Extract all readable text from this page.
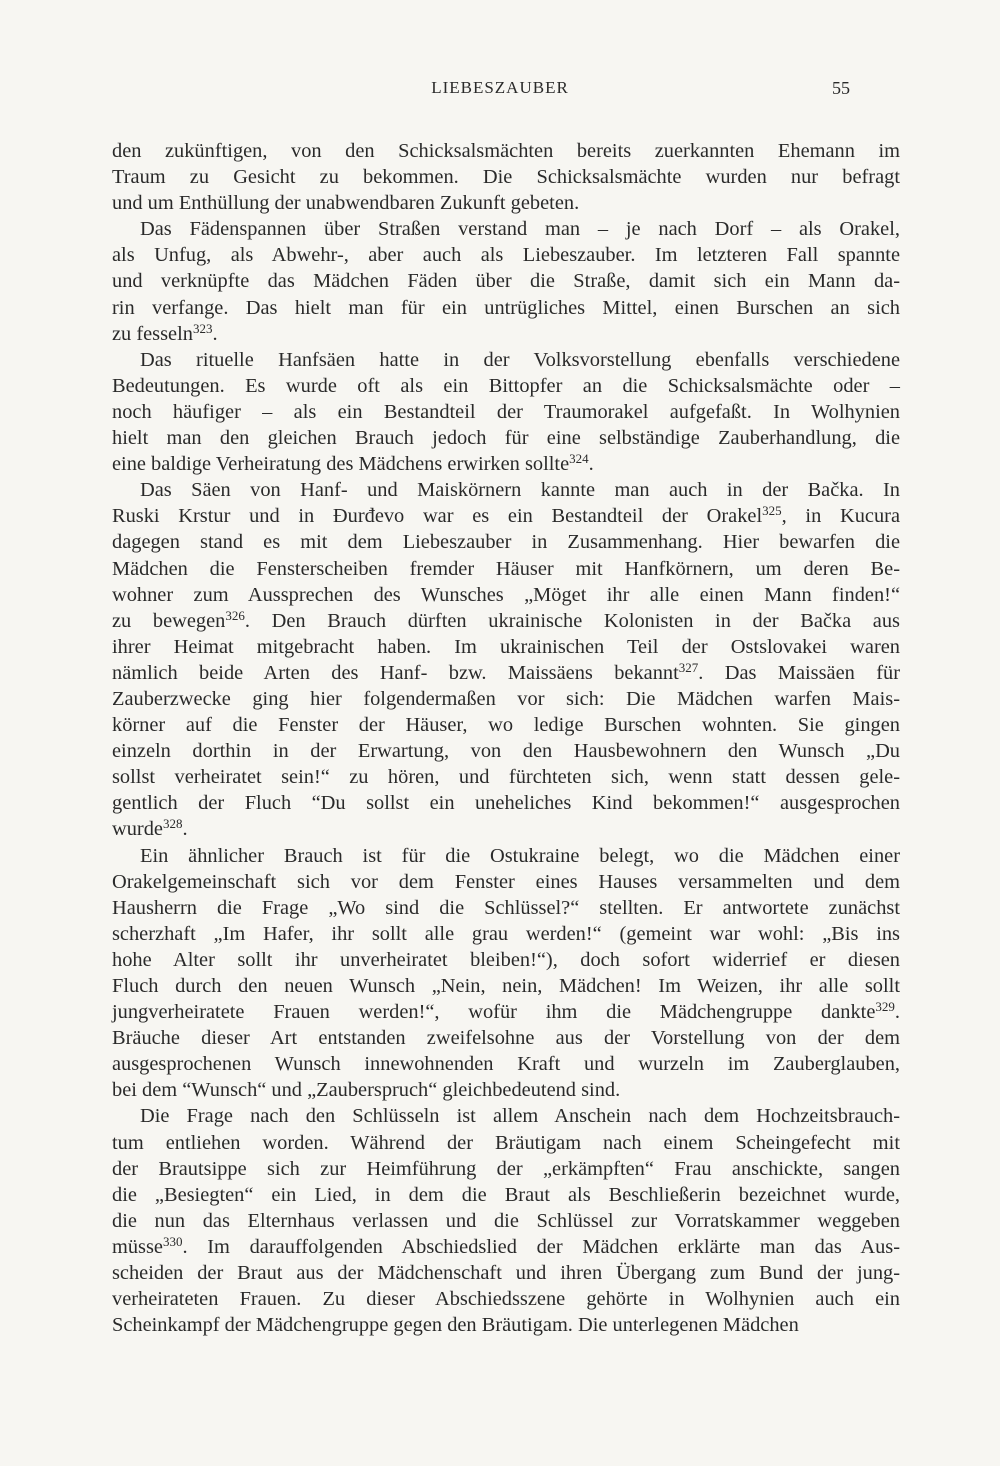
LIEBESZAUBER	55
den zukünftigen, von den Schicksalsmächten bereits zuerkannten Ehemann im
Traum zu Gesicht zu bekommen. Die Schicksalsmächte wurden nur befragt
und um Enthüllung der unabwendbaren Zukunft gebeten.
Das Fädenspannen über Straßen verstand man – je nach Dorf – als Orakel,
als Unfug, als Abwehr-, aber auch als Liebeszauber. Im letzteren Fall spannte
und verknüpfte das Mädchen Fäden über die Straße, damit sich ein Mann da-
rin verfange. Das hielt man für ein untrügliches Mittel, einen Burschen an sich
zu fesseln$^{323}$.
Das rituelle Hanfsäen hatte in der Volksvorstellung ebenfalls verschiedene
Bedeutungen. Es wurde oft als ein Bittopfer an die Schicksalsmächte oder –
noch häufiger – als ein Bestandteil der Traumorakel aufgefaßt. In Wolhynien
hielt man den gleichen Brauch jedoch für eine selbständige Zauberhandlung, die
eine baldige Verheiratung des Mädchens erwirken sollte$^{324}$.
Das Säen von Hanf- und Maiskörnern kannte man auch in der Bačka. In
Ruski Krstur und in Đurđevo war es ein Bestandteil der Orakel$^{325}$, in Kucura
dagegen stand es mit dem Liebeszauber in Zusammenhang. Hier bewarfen die
Mädchen die Fensterscheiben fremder Häuser mit Hanfkörnern, um deren Be-
wohner zum Aussprechen des Wunsches „Möget ihr alle einen Mann finden!“
zu bewegen$^{326}$. Den Brauch dürften ukrainische Kolonisten in der Bačka aus
ihrer Heimat mitgebracht haben. Im ukrainischen Teil der Ostslovakei waren
nämlich beide Arten des Hanf- bzw. Maissäens bekannt$^{327}$. Das Maissäen für
Zauberzwecke ging hier folgendermaßen vor sich: Die Mädchen warfen Mais-
körner auf die Fenster der Häuser, wo ledige Burschen wohnten. Sie gingen
einzeln dorthin in der Erwartung, von den Hausbewohnern den Wunsch „Du
sollst verheiratet sein!“ zu hören, und fürchteten sich, wenn statt dessen gele-
gentlich der Fluch “Du sollst ein uneheliches Kind bekommen!“ ausgesprochen
wurde$^{328}$.
Ein ähnlicher Brauch ist für die Ostukraine belegt, wo die Mädchen einer
Orakelgemeinschaft sich vor dem Fenster eines Hauses versammelten und dem
Hausherrn die Frage „Wo sind die Schlüssel?“ stellten. Er antwortete zunächst
scherzhaft „Im Hafer, ihr sollt alle grau werden!“ (gemeint war wohl: „Bis ins
hohe Alter sollt ihr unverheiratet bleiben!“), doch sofort widerrief er diesen
Fluch durch den neuen Wunsch „Nein, nein, Mädchen! Im Weizen, ihr alle sollt
jungverheiratete Frauen werden!“, wofür ihm die Mädchengruppe dankte$^{329}$.
Bräuche dieser Art entstanden zweifelsohne aus der Vorstellung von der dem
ausgesprochenen Wunsch innewohnenden Kraft und wurzeln im Zauberglauben,
bei dem “Wunsch“ und „Zauberspruch“ gleichbedeutend sind.
Die Frage nach den Schlüsseln ist allem Anschein nach dem Hochzeitsbrauch-
tum entliehen worden. Während der Bräutigam nach einem Scheingefecht mit
der Brautsippe sich zur Heimführung der „erkämpften“ Frau anschickte, sangen
die „Besiegten“ ein Lied, in dem die Braut als Beschließerin bezeichnet wurde,
die nun das Elternhaus verlassen und die Schlüssel zur Vorratskammer weggeben
müsse$^{330}$. Im darauffolgenden Abschiedslied der Mädchen erklärte man das Aus-
scheiden der Braut aus der Mädchenschaft und ihren Übergang zum Bund der jung-
verheirateten Frauen. Zu dieser Abschiedsszene gehörte in Wolhynien auch ein
Scheinkampf der Mädchengruppe gegen den Bräutigam. Die unterlegenen Mädchen
